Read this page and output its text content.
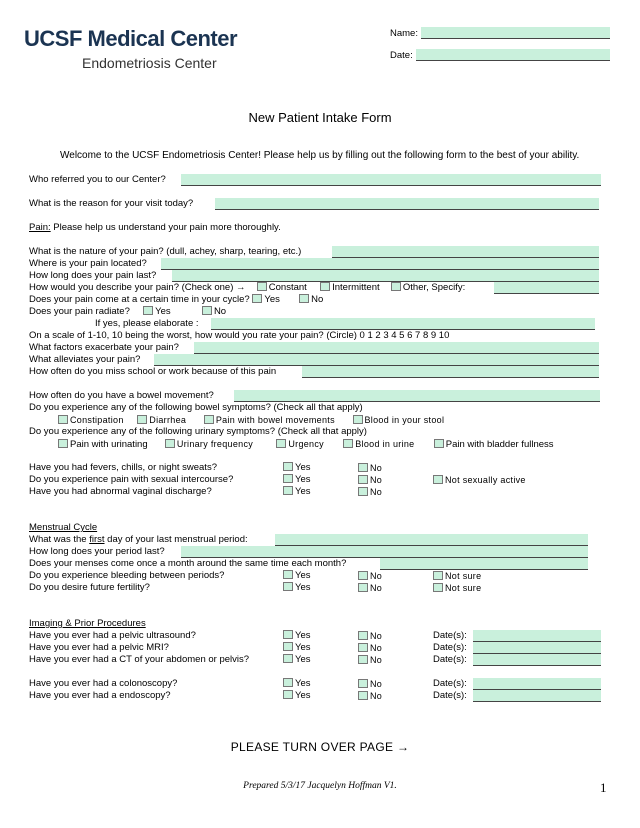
UCSF Medical Center
Endometriosis Center
Name:
Date:
New Patient Intake Form
Welcome to the UCSF Endometriosis Center! Please help us by filling out the following form to the best of your ability.
Who referred you to our Center?
What is the reason for your visit today?
Pain: Please help us understand your pain more thoroughly.
What is the nature of your pain? (dull, achey, sharp, tearing, etc.)
Where is your pain located?
How long does your pain last?
How would you describe your pain? (Check one) → Constant	Intermittent Other, Specify:
Does your pain come at a certain time in your cycle? Yes	No
Does your pain radiate?	Yes	No
If yes, please elaborate :
On a scale of 1-10, 10 being the worst, how would you rate your pain? (Circle) 0 1 2 3 4 5 6 7 8 9 10
What factors exacerbate your pain?
What alleviates your pain?
How often do you miss school or work because of this pain
How often do you have a bowel movement?
Do you experience any of the following bowel symptoms? (Check all that apply)
Constipation	Diarrhea	Pain with bowel movements	Blood in your stool
Do you experience any of the following urinary symptoms? (Check all that apply)
Pain with urinating	Urinary frequency	Urgency	Blood in urine	Pain with bladder fullness
Have you had fevers, chills, or night sweats?	Yes	No
Do you experience pain with sexual intercourse?	Yes	No	Not sexually active
Have you had abnormal vaginal discharge?	Yes	No
Menstrual Cycle
What was the first day of your last menstrual period:
How long does your period last?
Does your menses come once a month around the same time each month?
Do you experience bleeding between periods?	Yes	No	Not sure
Do you desire future fertility?	Yes	No	Not sure
Imaging & Prior Procedures
Have you ever had a pelvic ultrasound?	Yes	No	Date(s):
Have you ever had a pelvic MRI?	Yes	No	Date(s):
Have you ever had a CT of your abdomen or pelvis?	Yes	No	Date(s):
Have you ever had a colonoscopy?	Yes	No	Date(s):
Have you ever had a endoscopy?	Yes	No	Date(s):
PLEASE TURN OVER PAGE →
Prepared 5/3/17 Jacquelyn Hoffman V1.	1
